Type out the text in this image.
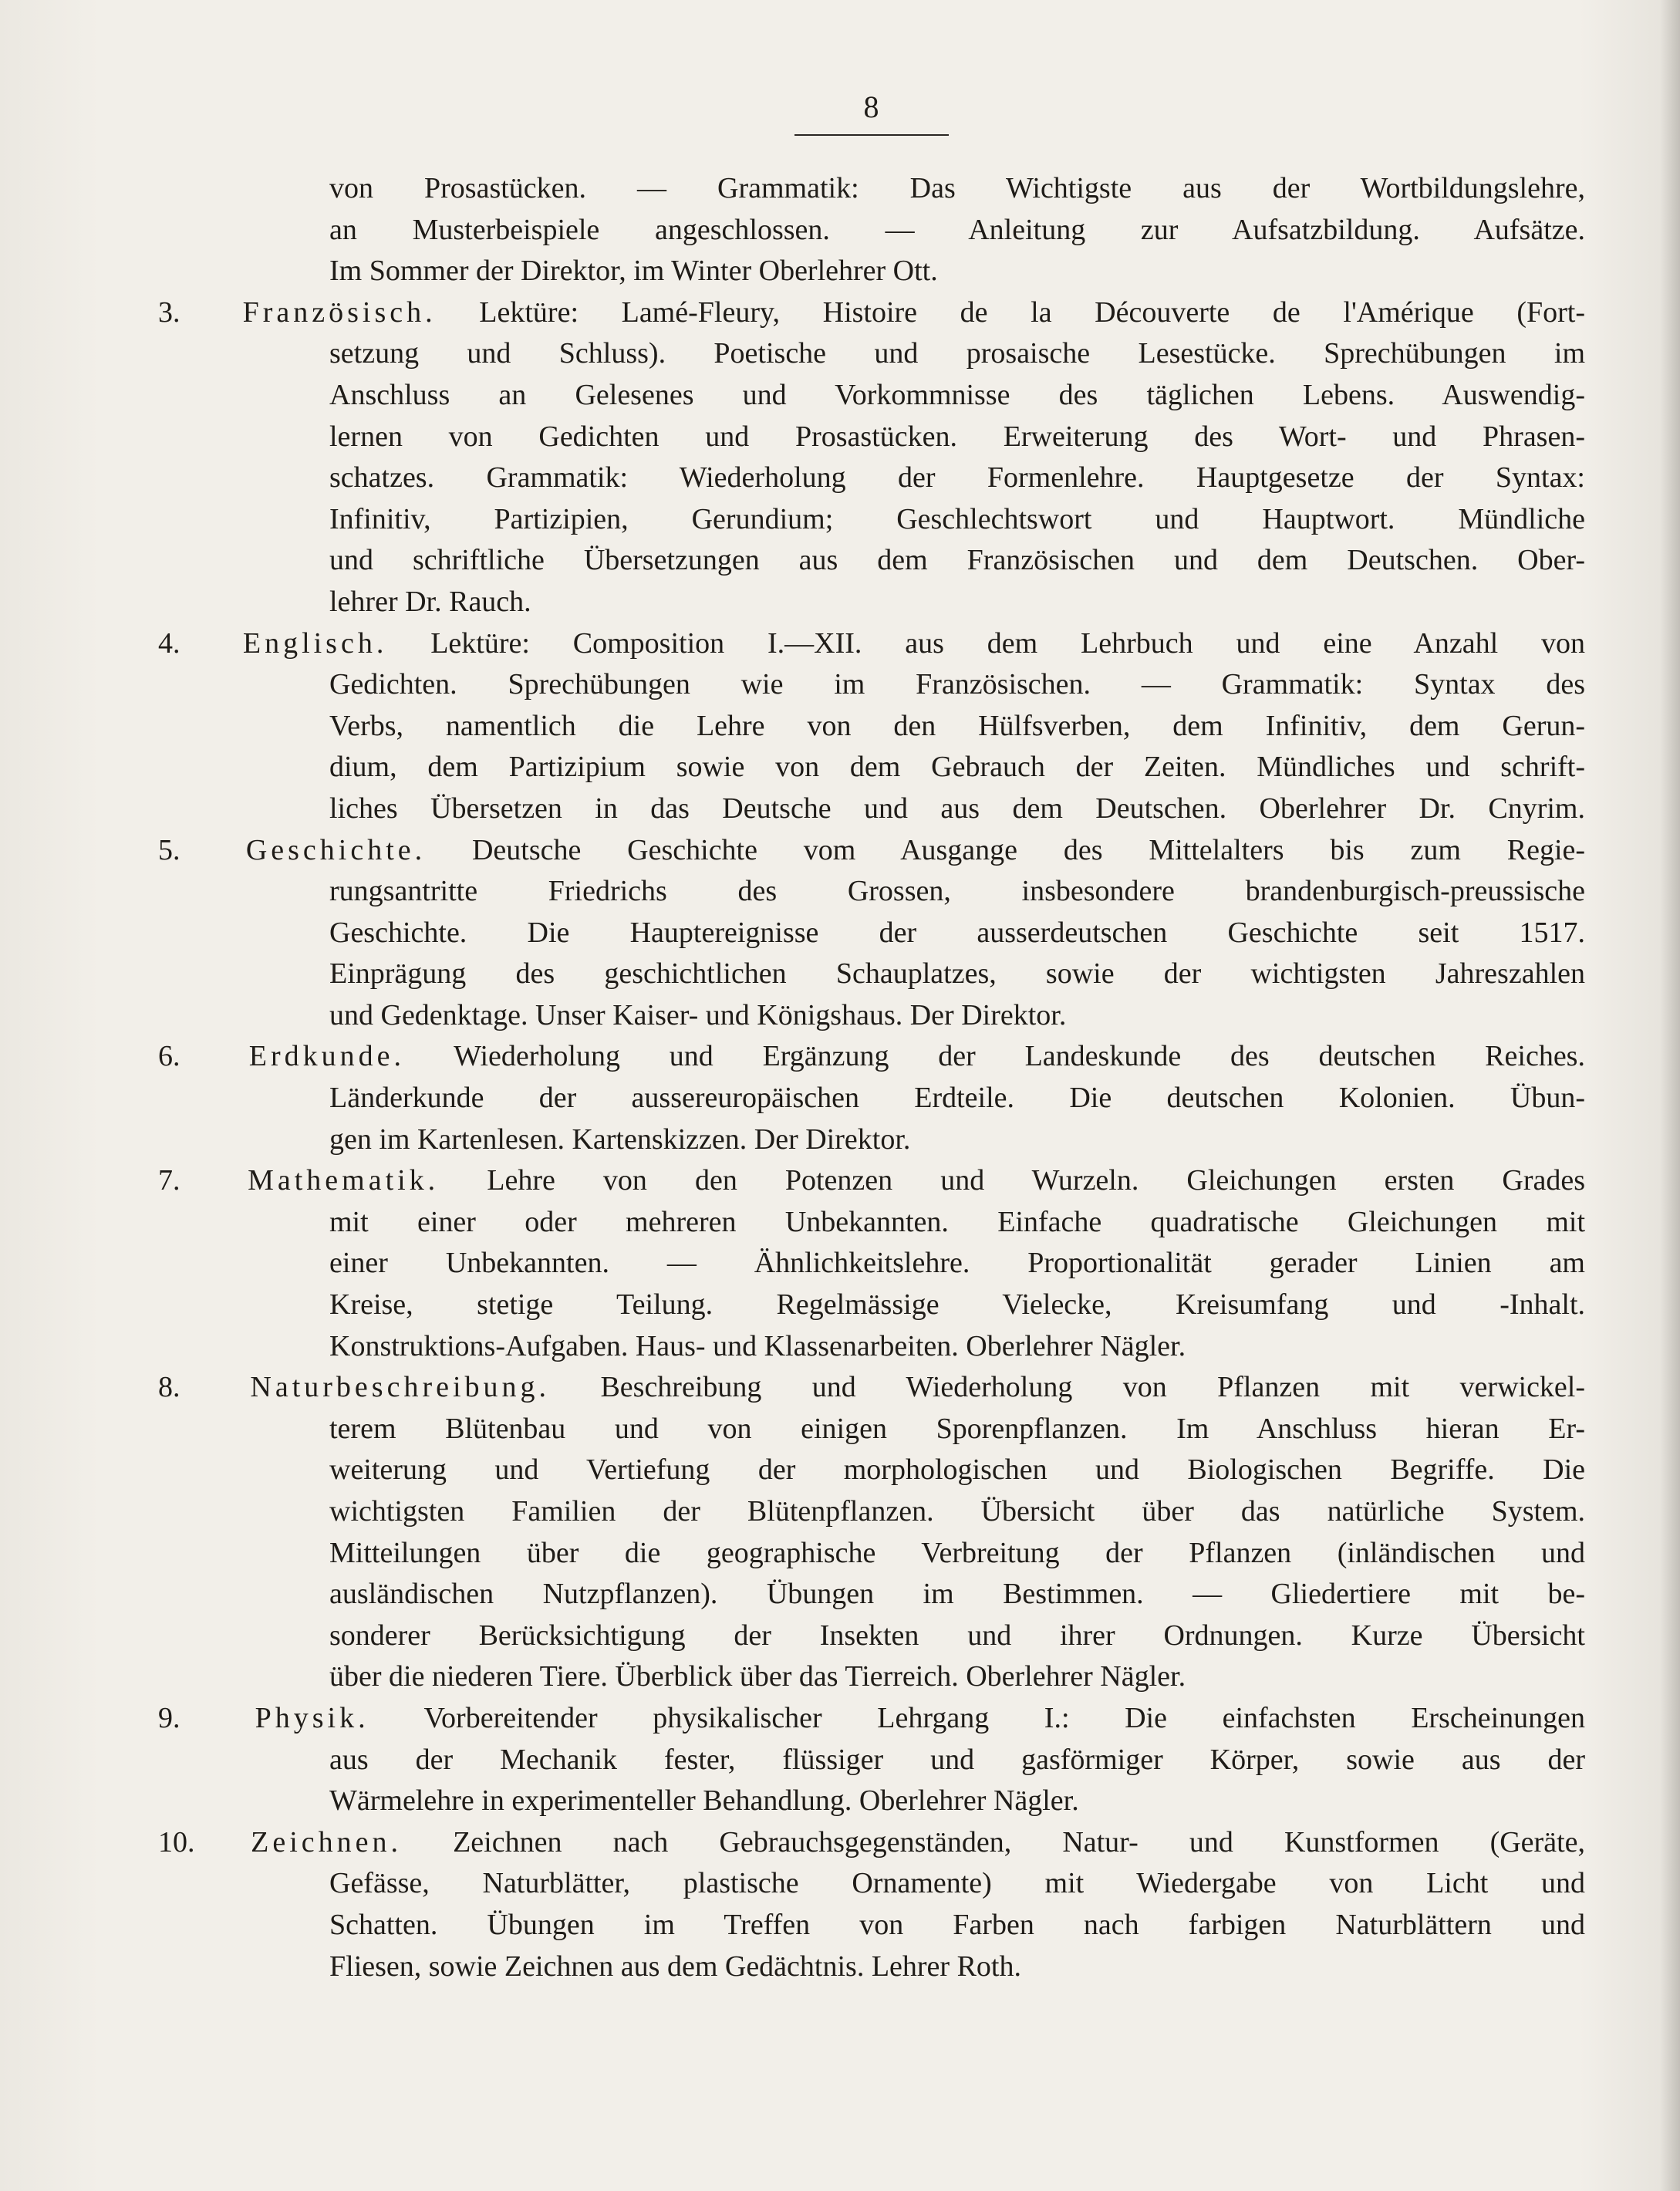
8
von Prosastücken. — Grammatik: Das Wichtigste aus der Wortbildungslehre,
an Musterbeispiele angeschlossen. — Anleitung zur Aufsatzbildung. Aufsätze.
Im Sommer der Direktor, im Winter Oberlehrer Ott.
3. Französisch. Lektüre: Lamé-Fleury, Histoire de la Découverte de l'Amérique (Fort-
setzung und Schluss). Poetische und prosaische Lesestücke. Sprechübungen im
Anschluss an Gelesenes und Vorkommnisse des täglichen Lebens. Auswendig-
lernen von Gedichten und Prosastücken. Erweiterung des Wort- und Phrasen-
schatzes. Grammatik: Wiederholung der Formenlehre. Hauptgesetze der Syntax:
Infinitiv, Partizipien, Gerundium; Geschlechtswort und Hauptwort. Mündliche
und schriftliche Übersetzungen aus dem Französischen und dem Deutschen. Ober-
lehrer Dr. Rauch.
4. Englisch. Lektüre: Composition I.—XII. aus dem Lehrbuch und eine Anzahl von
Gedichten. Sprechübungen wie im Französischen. — Grammatik: Syntax des
Verbs, namentlich die Lehre von den Hülfsverben, dem Infinitiv, dem Gerun-
dium, dem Partizipium sowie von dem Gebrauch der Zeiten. Mündliches und schrift-
liches Übersetzen in das Deutsche und aus dem Deutschen. Oberlehrer Dr. Cnyrim.
5. Geschichte. Deutsche Geschichte vom Ausgange des Mittelalters bis zum Regie-
rungsantritte Friedrichs des Grossen, insbesondere brandenburgisch-preussische
Geschichte. Die Hauptereignisse der ausserdeutschen Geschichte seit 1517.
Einprägung des geschichtlichen Schauplatzes, sowie der wichtigsten Jahreszahlen
und Gedenktage. Unser Kaiser- und Königshaus. Der Direktor.
6. Erdkunde. Wiederholung und Ergänzung der Landeskunde des deutschen Reiches.
Länderkunde der aussereuropäischen Erdteile. Die deutschen Kolonien. Übun-
gen im Kartenlesen. Kartenskizzen. Der Direktor.
7. Mathematik. Lehre von den Potenzen und Wurzeln. Gleichungen ersten Grades
mit einer oder mehreren Unbekannten. Einfache quadratische Gleichungen mit
einer Unbekannten. — Ähnlichkeitslehre. Proportionalität gerader Linien am
Kreise, stetige Teilung. Regelmässige Vielecke, Kreisumfang und -Inhalt.
Konstruktions-Aufgaben. Haus- und Klassenarbeiten. Oberlehrer Nägler.
8. Naturbeschreibung. Beschreibung und Wiederholung von Pflanzen mit verwickel-
terem Blütenbau und von einigen Sporenpflanzen. Im Anschluss hieran Er-
weiterung und Vertiefung der morphologischen und Biologischen Begriffe. Die
wichtigsten Familien der Blütenpflanzen. Übersicht über das natürliche System.
Mitteilungen über die geographische Verbreitung der Pflanzen (inländischen und
ausländischen Nutzpflanzen). Übungen im Bestimmen. — Gliedertiere mit be-
sonderer Berücksichtigung der Insekten und ihrer Ordnungen. Kurze Übersicht
über die niederen Tiere. Überblick über das Tierreich. Oberlehrer Nägler.
9.	Physik. Vorbereitender physikalischer Lehrgang I.: Die einfachsten Erscheinungen
aus der Mechanik fester, flüssiger und gasförmiger Körper, sowie aus der
Wärmelehre in experimenteller Behandlung. Oberlehrer Nägler.
10. Zeichnen. Zeichnen nach Gebrauchsgegenständen, Natur- und Kunstformen (Geräte,
Gefässe, Naturblätter, plastische Ornamente) mit Wiedergabe von Licht und
Schatten. Übungen im Treffen von Farben nach farbigen Naturblättern und
Fliesen, sowie Zeichnen aus dem Gedächtnis. Lehrer Roth.
